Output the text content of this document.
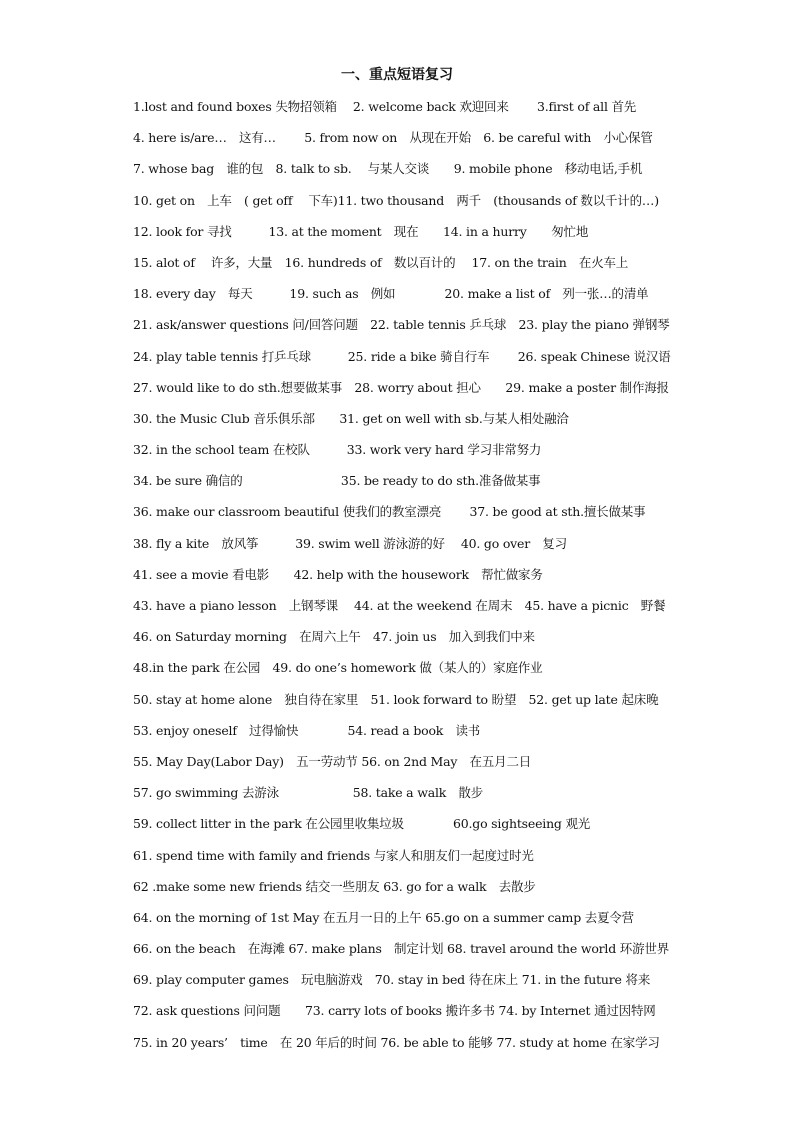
一、重点短语复习
1.lost and found boxes 失物招领箱　 2. welcome back 欢迎回来　　 3.first of all 首先
4. here is/are…　这有…　　 5. from now on　从现在开始　6. be careful with　小心保管
7. whose bag　谁的包　8. talk to sb.　 与某人交谈　　9. mobile phone　移动电话,手机
10. get on　上车　( get off　 下车)11. two thousand　两千　(thousands of 数以千计的…)
12. look for 寻找　　　13. at the moment　现在　　14. in a hurry　　匆忙地
15. alot of　 许多，大量　16. hundreds of　数以百计的　 17. on the train　在火车上
18. every day　每天　　　19. such as　例如　　　　20. make a list of　列一张…的清单
21. ask/answer questions 问/回答问题　22. table tennis 乒乓球　23. play the piano 弹钢琴
24. play table tennis 打乒乓球　　　25. ride a bike 骑自行车　　 26. speak Chinese 说汉语
27. would like to do sth.想要做某事　28. worry about 担心　　29. make a poster 制作海报
30. the Music Club 音乐俱乐部　　31. get on well with sb.与某人相处融洽
32. in the school team 在校队　　　33. work very hard 学习非常努力
34. be sure 确信的　　　　　　　　35. be ready to do sth.准备做某事
36. make our classroom beautiful 使我们的教室漂亮　　 37. be good at sth.擅长做某事
38. fly a kite　放风筝　　　39. swim well 游泳游的好　 40. go over　复习
41. see a movie 看电影　　42. help with the housework　帮忙做家务
43. have a piano lesson　上钢琴课　 44. at the weekend 在周末　45. have a picnic　野餐
46. on Saturday morning　在周六上午　47. join us　加入到我们中来
48.in the park 在公园　49. do one’s homework 做（某人的）家庭作业
50. stay at home alone　独自待在家里　51. look forward to 盼望　52. get up late 起床晚
53. enjoy oneself　过得愉快　　　　54. read a book　读书
55. May Day(Labor Day)　五一劳动节 56. on 2nd May　在五月二日
57. go swimming 去游泳　　　　　　58. take a walk　散步
59. collect litter in the park 在公园里收集垃圾　　　　60.go sightseeing 观光
61. spend time with family and friends 与家人和朋友们一起度过时光
62 .make some new friends 结交一些朋友 63. go for a walk　去散步
64. on the morning of 1st May 在五月一日的上午 65.go on a summer camp 去夏令营
66. on the beach　在海滩 67. make plans　制定计划 68. travel around the world 环游世界
69. play computer games　玩电脑游戏　70. stay in bed 待在床上 71. in the future 将来
72. ask questions 问问题　　73. carry lots of books 搬许多书 74. by Internet 通过因特网
75. in 20 years’　time　在 20 年后的时间 76. be able to 能够 77. study at home 在家学习
